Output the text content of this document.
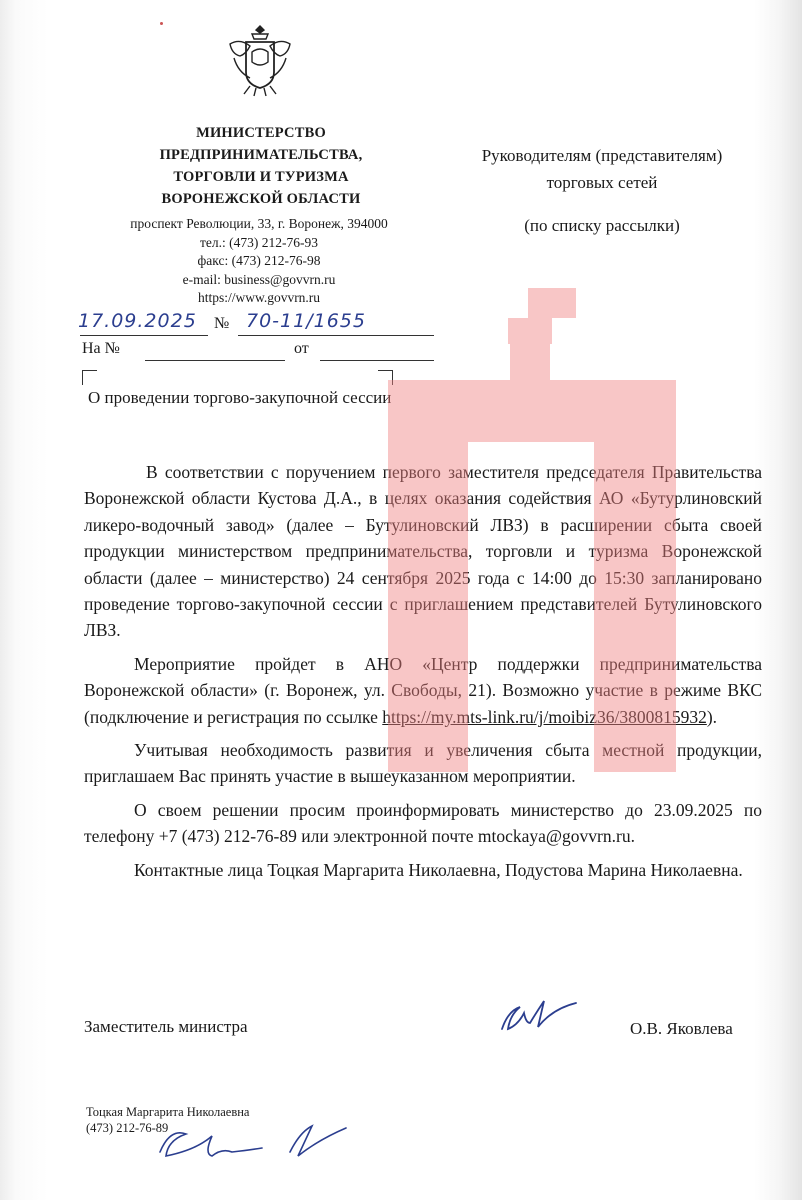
МИНИСТЕРСТВО
ПРЕДПРИНИМАТЕЛЬСТВА,
ТОРГОВЛИ И ТУРИЗМА
ВОРОНЕЖСКОЙ ОБЛАСТИ
проспект Революции, 33, г. Воронеж, 394000
тел.: (473) 212-76-93
факс: (473) 212-76-98
e-mail: business@govvrn.ru
https://www.govvrn.ru
Руководителям (представителям)
торговых сетей
(по списку рассылки)
17.09.2025 № 70-11/1655
На №	от
О проведении торгово-закупочной сессии

В соответствии с поручением первого заместителя председателя Правительства Воронежской области Кустова Д.А., в целях оказания содействия АО «Бутурлиновский ликеро-водочный завод» (далее – Бутулиновский ЛВЗ) в расширении сбыта своей продукции министерством предпринимательства, торговли и туризма Воронежской области (далее – министерство) 24 сентября 2025 года с 14:00 до 15:30 запланировано проведение торгово-закупочной сессии с приглашением представителей Бутулиновского ЛВЗ.

Мероприятие пройдет в АНО «Центр поддержки предпринимательства Воронежской области» (г. Воронеж, ул. Свободы, 21). Возможно участие в режиме ВКС (подключение и регистрация по ссылке https://my.mts-link.ru/j/moibiz36/3800815932).

Учитывая необходимость развития и увеличения сбыта местной продукции, приглашаем Вас принять участие в вышеуказанном мероприятии.

О своем решении просим проинформировать министерство до 23.09.2025 по телефону +7 (473) 212-76-89 или электронной почте mtockaya@govvrn.ru.

Контактные лица Тоцкая Маргарита Николаевна, Подустова Марина Николаевна.

Заместитель министра	О.В. Яковлева
Тоцкая Маргарита Николаевна
(473) 212-76-89
